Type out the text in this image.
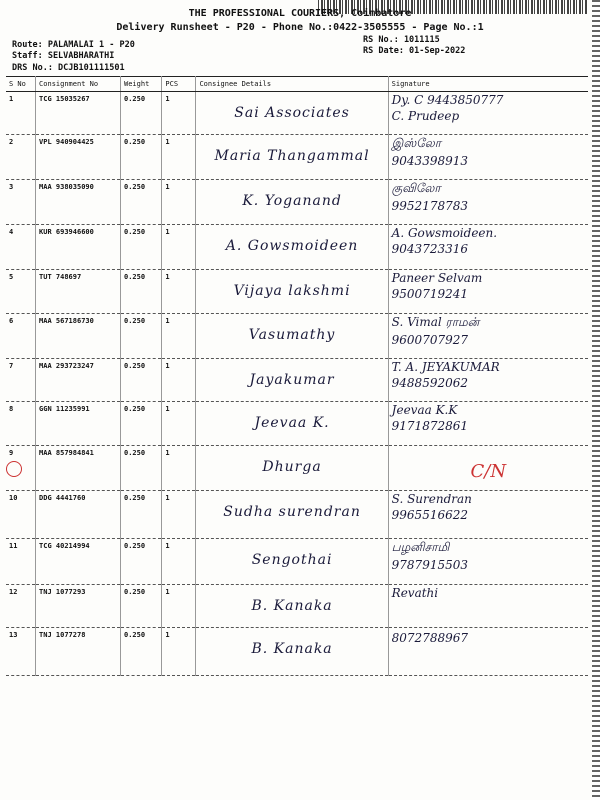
THE PROFESSIONAL COURIERS, Coimbatore
Delivery Runsheet - P20 - Phone No.:0422-3505555 - Page No.:1
Route: PALAMALAI 1 - P20
Staff: SELVABHARATHI
DRS No.: DCJB101111501
RS No.: 1011115
RS Date: 01-Sep-2022
S No	Consignment No	Weight	PCS	Consignee Details	Signature
1	TCG 15035267	0.250	1	Sai Associates	Dy. C 9443850777
C. Prudeep

2	VPL 940904425	0.250	1	Maria Thangammal	இஸ்லோ
9043398913

3	MAA 938035090	0.250	1	K. Yoganand	குவிலோ
9952178783

4	KUR 693946600	0.250	1	A. Gowsmoideen	A. Gowsmoideen.
9043723316

5	TUT 748697	0.250	1	Vijaya lakshmi	Paneer Selvam
9500719241

6	MAA 567186730	0.250	1	Vasumathy	S. Vimal ராமன்
9600707927

7	MAA 293723247	0.250	1	Jayakumar	T. A. JEYAKUMAR
9488592062

8	GGN 11235991	0.250	1	Jeevaa K.	Jeevaa K.K
9171872861

9	MAA 857984841	0.250	1	Dhurga	C/N

10	DDG 4441760	0.250	1	Sudha surendran	S. Surendran
9965516622

11	TCG 40214994	0.250	1	Sengothai	பழனிசாமி
9787915503

12	TNJ 1077293	0.250	1	B. Kanaka	Revathi

13	TNJ 1077278	0.250	1	B. Kanaka	8072788967
